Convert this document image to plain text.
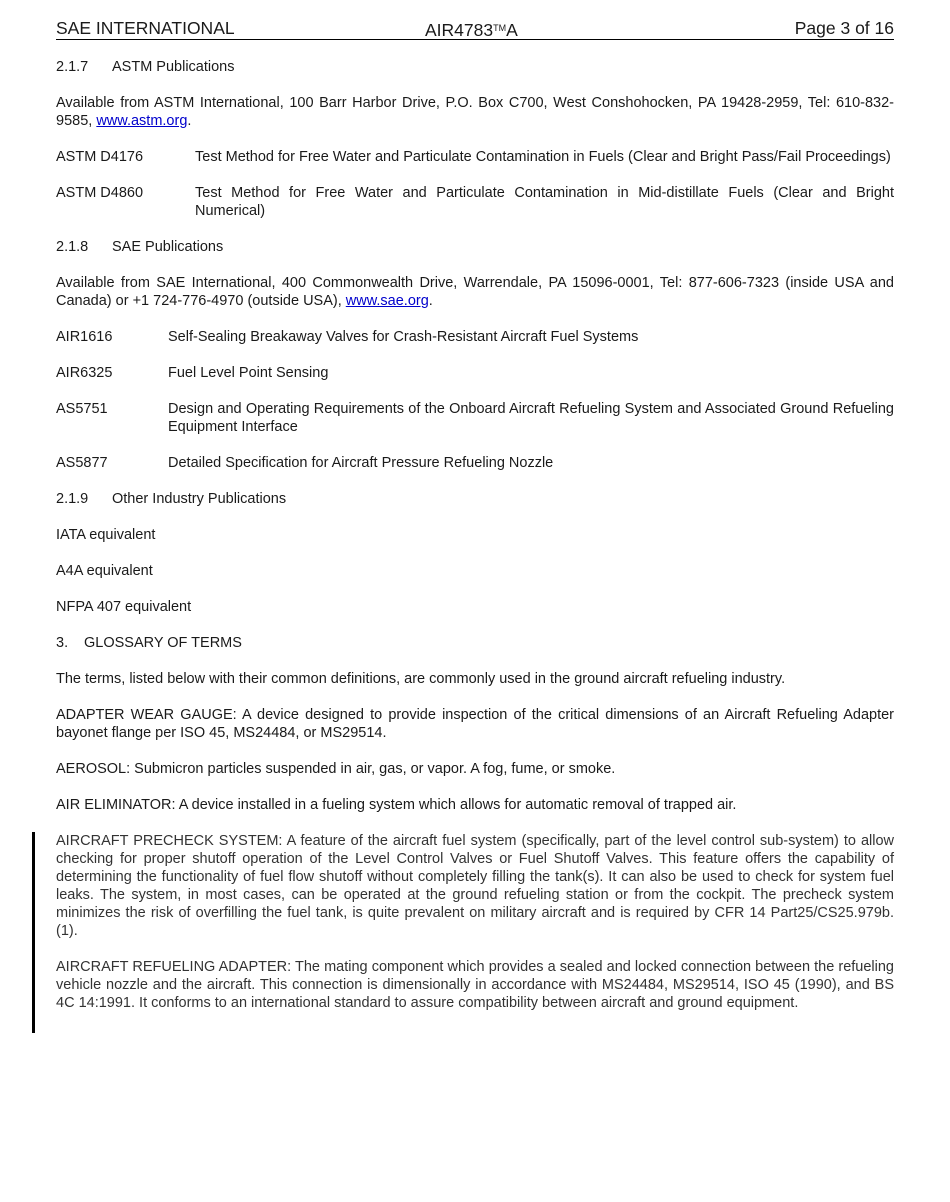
SAE INTERNATIONAL	AIR4783™A	Page 3 of 16

2.1.7 ASTM Publications

Available from ASTM International, 100 Barr Harbor Drive, P.O. Box C700, West Conshohocken, PA 19428-2959, Tel: 610-832-9585, www.astm.org.

ASTM D4176	Test Method for Free Water and Particulate Contamination in Fuels (Clear and Bright Pass/Fail Proceedings)
ASTM D4860	Test Method for Free Water and Particulate Contamination in Mid-distillate Fuels (Clear and Bright Numerical)

2.1.8 SAE Publications

Available from SAE International, 400 Commonwealth Drive, Warrendale, PA 15096-0001, Tel: 877-606-7323 (inside USA and Canada) or +1 724-776-4970 (outside USA), www.sae.org.

AIR1616	Self-Sealing Breakaway Valves for Crash-Resistant Aircraft Fuel Systems
AIR6325	Fuel Level Point Sensing
AS5751	Design and Operating Requirements of the Onboard Aircraft Refueling System and Associated Ground Refueling Equipment Interface
AS5877	Detailed Specification for Aircraft Pressure Refueling Nozzle

2.1.9 Other Industry Publications

IATA equivalent

A4A equivalent

NFPA 407 equivalent

3. GLOSSARY OF TERMS

The terms, listed below with their common definitions, are commonly used in the ground aircraft refueling industry.

ADAPTER WEAR GAUGE: A device designed to provide inspection of the critical dimensions of an Aircraft Refueling Adapter bayonet flange per ISO 45, MS24484, or MS29514.

AEROSOL: Submicron particles suspended in air, gas, or vapor. A fog, fume, or smoke.

AIR ELIMINATOR: A device installed in a fueling system which allows for automatic removal of trapped air.

AIRCRAFT PRECHECK SYSTEM: A feature of the aircraft fuel system (specifically, part of the level control sub-system) to allow checking for proper shutoff operation of the Level Control Valves or Fuel Shutoff Valves. This feature offers the capability of determining the functionality of fuel flow shutoff without completely filling the tank(s). It can also be used to check for system fuel leaks. The system, in most cases, can be operated at the ground refueling station or from the cockpit. The precheck system minimizes the risk of overfilling the fuel tank, is quite prevalent on military aircraft and is required by CFR 14 Part25/CS25.979b.(1).

AIRCRAFT REFUELING ADAPTER: The mating component which provides a sealed and locked connection between the refueling vehicle nozzle and the aircraft. This connection is dimensionally in accordance with MS24484, MS29514, ISO 45 (1990), and BS 4C 14:1991. It conforms to an international standard to assure compatibility between aircraft and ground equipment.
